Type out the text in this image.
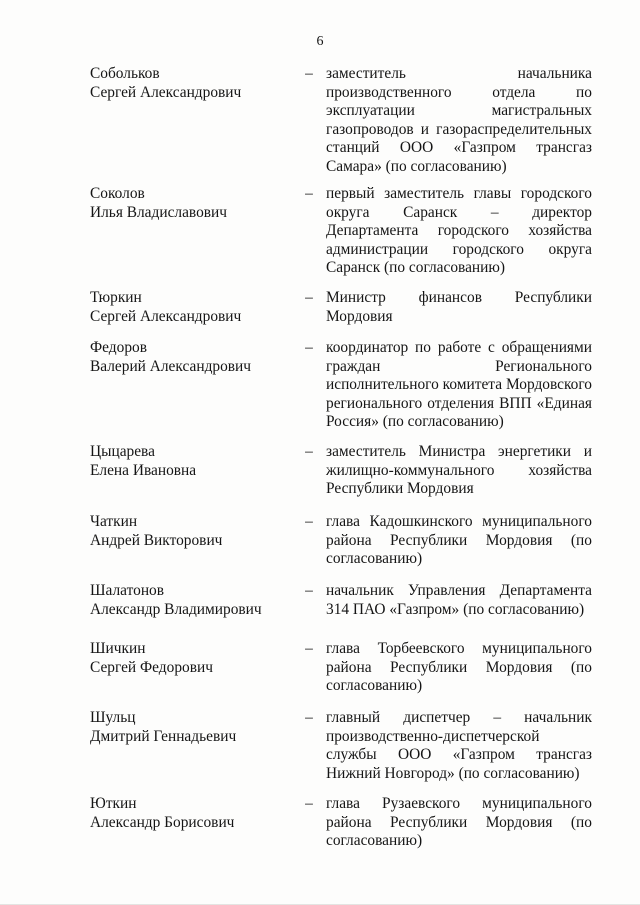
6
Собольков
Сергей Александрович
– заместитель начальника производственного отдела по эксплуатации магистральных газопроводов и газораспределительных станций ООО «Газпром трансгаз Самара» (по согласованию)
Соколов
Илья Владиславович
– первый заместитель главы городского округа Саранск – директор Департамента городского хозяйства администрации городского округа Саранск (по согласованию)
Тюркин
Сергей Александрович
– Министр финансов Республики Мордовия
Федоров
Валерий Александрович
– координатор по работе с обращениями граждан Регионального исполнительного комитета Мордовского регионального отделения ВПП «Единая Россия» (по согласованию)
Цыцарева
Елена Ивановна
– заместитель Министра энергетики и жилищно-коммунального хозяйства Республики Мордовия
Чаткин
Андрей Викторович
– глава Кадошкинского муниципального района Республики Мордовия (по согласованию)
Шалатонов
Александр Владимирович
– начальник Управления Департамента 314 ПАО «Газпром» (по согласованию)
Шичкин
Сергей Федорович
– глава Торбеевского муниципального района Республики Мордовия (по согласованию)
Шульц
Дмитрий Геннадьевич
– главный диспетчер – начальник производственно-диспетчерской службы ООО «Газпром трансгаз Нижний Новгород» (по согласованию)
Юткин
Александр Борисович
– глава Рузаевского муниципального района Республики Мордовия (по согласованию)
